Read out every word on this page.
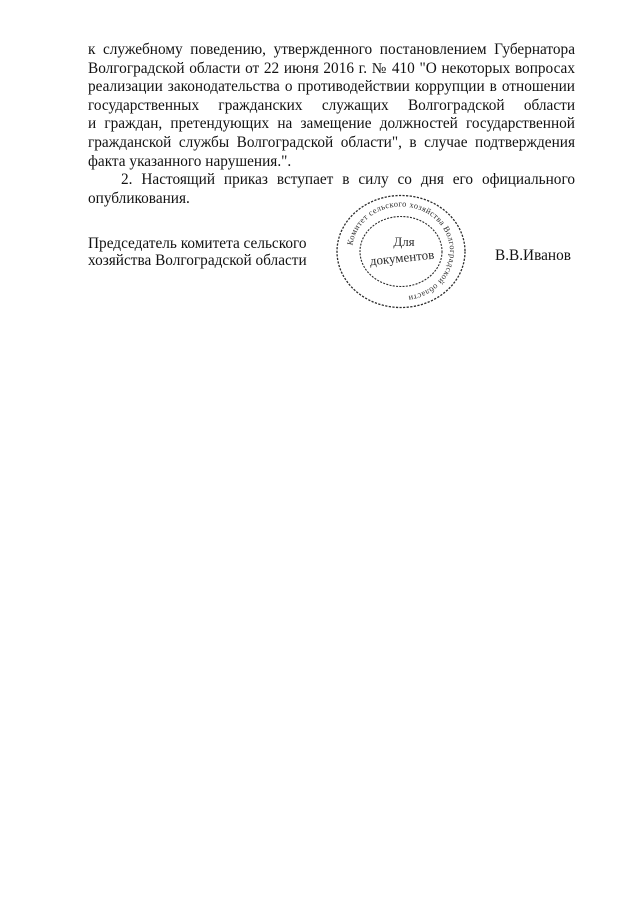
к служебному поведению, утвержденного постановлением Губернатора
Волгоградской области от 22 июня 2016 г. № 410 "О некоторых вопросах
реализации законодательства о противодействии коррупции в отношении
государственных гражданских служащих Волгоградской области
и граждан, претендующих на замещение должностей государственной
гражданской службы Волгоградской области", в случае подтверждения
факта указанного нарушения.".
2. Настоящий приказ вступает в силу со дня его официального
опубликования.
Председатель комитета сельского
хозяйства Волгоградской области	В.В.Иванов
Комитет сельского хозяйства Волгоградской области
Для
документов
